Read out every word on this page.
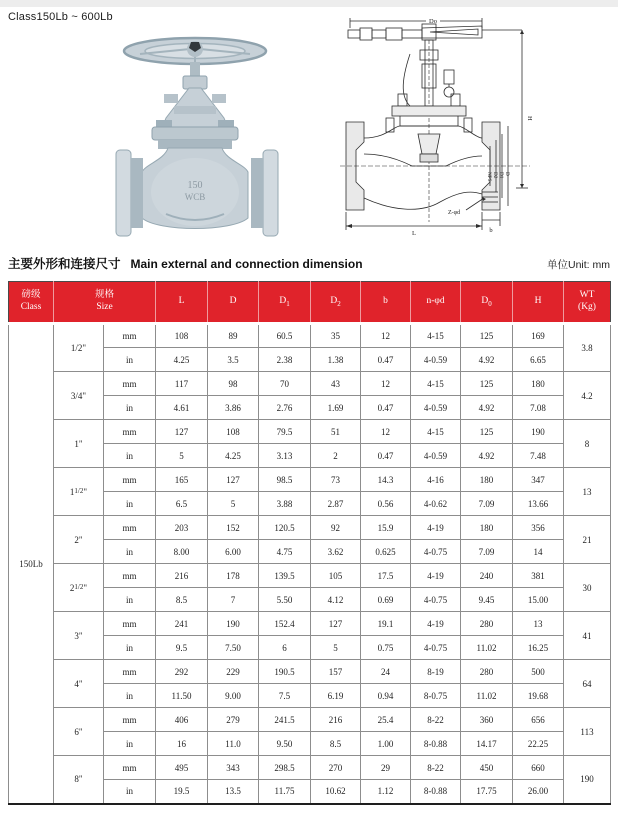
Class150Lb ~ 600Lb
150
WCB
Do
H
NPS D2 D1 D
Z-φd
L	b
主要外形和连接尺寸 Main external and connection dimension	单位Unit: mm
磅级
Class

规格
Size
	L	D	$D_1$	$D_2$	b	n-φd	$D_0$	H	
WT
(Kg)

150Lb	1/2"	mm	108	89	60.5	35	12	4-15	125	169	3.8
		in	4.25	3.5	2.38	1.38	0.47	4-0.59	4.92	6.65	
	3/4"	mm	117	98	70	43	12	4-15	125	180	4.2
		in	4.61	3.86	2.76	1.69	0.47	4-0.59	4.92	7.08	
	1"	mm	127	108	79.5	51	12	4-15	125	190	8
		in	5	4.25	3.13	2	0.47	4-0.59	4.92	7.48	
	$1^{1/2}$"	mm	165	127	98.5	73	14.3	4-16	180	347	13
		in	6.5	5	3.88	2.87	0.56	4-0.62	7.09	13.66	
	2"	mm	203	152	120.5	92	15.9	4-19	180	356	21
		in	8.00	6.00	4.75	3.62	0.625	4-0.75	7.09	14	
	$2^{1/2}$"	mm	216	178	139.5	105	17.5	4-19	240	381	30
		in	8.5	7	5.50	4.12	0.69	4-0.75	9.45	15.00	
	3"	mm	241	190	152.4	127	19.1	4-19	280	13	41
		in	9.5	7.50	6	5	0.75	4-0.75	11.02	16.25	
	4"	mm	292	229	190.5	157	24	8-19	280	500	64
		in	11.50	9.00	7.5	6.19	0.94	8-0.75	11.02	19.68	
	6"	mm	406	279	241.5	216	25.4	8-22	360	656	113
		in	16	11.0	9.50	8.5	1.00	8-0.88	14.17	22.25	
	8"	mm	495	343	298.5	270	29	8-22	450	660	190
		in	19.5	13.5	11.75	10.62	1.12	8-0.88	17.75	26.00	
